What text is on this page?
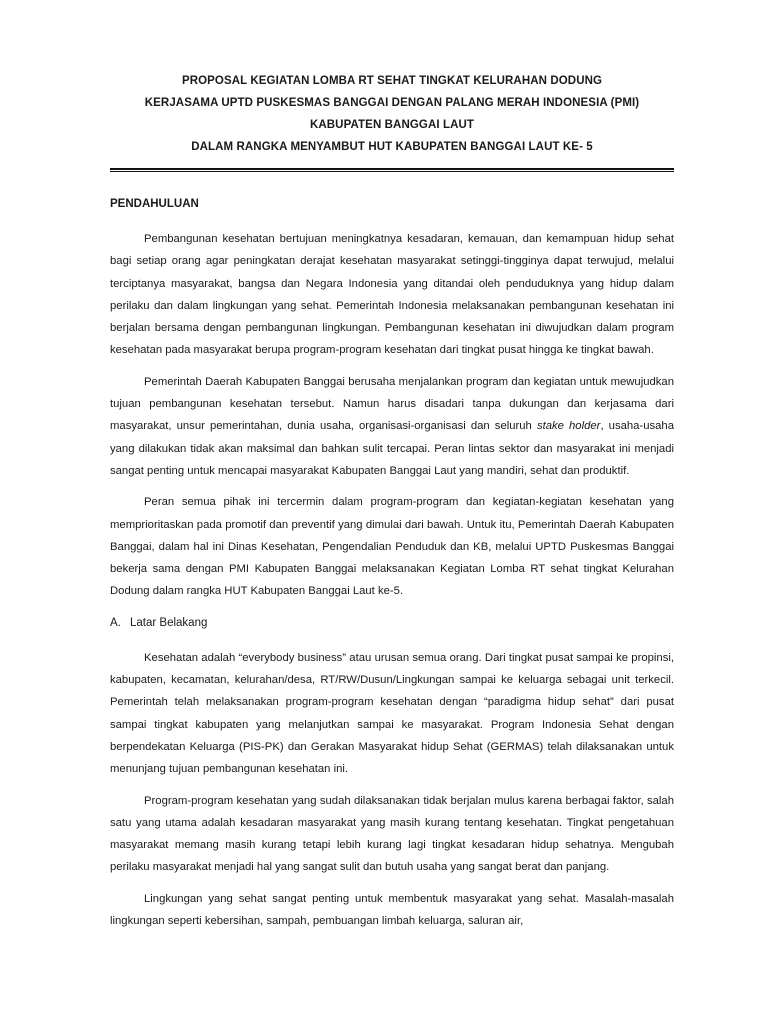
PROPOSAL KEGIATAN LOMBA RT SEHAT TINGKAT KELURAHAN DODUNG
KERJASAMA UPTD PUSKESMAS BANGGAI DENGAN PALANG MERAH INDONESIA (PMI)
KABUPATEN BANGGAI LAUT
DALAM RANGKA MENYAMBUT HUT KABUPATEN BANGGAI LAUT KE- 5
PENDAHULUAN

Pembangunan kesehatan bertujuan meningkatnya kesadaran, kemauan, dan kemampuan hidup sehat bagi setiap orang agar peningkatan derajat kesehatan masyarakat setinggi-tingginya dapat terwujud, melalui terciptanya masyarakat, bangsa dan Negara Indonesia yang ditandai oleh penduduknya yang hidup dalam perilaku dan dalam lingkungan yang sehat. Pemerintah Indonesia melaksanakan pembangunan kesehatan ini berjalan bersama dengan pembangunan lingkungan. Pembangunan kesehatan ini diwujudkan dalam program kesehatan pada masyarakat berupa program-program kesehatan dari tingkat pusat hingga ke tingkat bawah.

Pemerintah Daerah Kabupaten Banggai berusaha menjalankan program dan kegiatan untuk mewujudkan tujuan pembangunan kesehatan tersebut. Namun harus disadari tanpa dukungan dan kerjasama dari masyarakat, unsur pemerintahan, dunia usaha, organisasi-organisasi dan seluruh stake holder, usaha-usaha yang dilakukan tidak akan maksimal dan bahkan sulit tercapai. Peran lintas sektor dan masyarakat ini menjadi sangat penting untuk mencapai masyarakat Kabupaten Banggai Laut yang mandiri, sehat dan produktif.

Peran semua pihak ini tercermin dalam program-program dan kegiatan-kegiatan kesehatan yang memprioritaskan pada promotif dan preventif yang dimulai dari bawah. Untuk itu, Pemerintah Daerah Kabupaten Banggai, dalam hal ini Dinas Kesehatan, Pengendalian Penduduk dan KB, melalui UPTD Puskesmas Banggai bekerja sama dengan PMI Kabupaten Banggai melaksanakan Kegiatan Lomba RT sehat tingkat Kelurahan Dodung dalam rangka HUT Kabupaten Banggai Laut ke-5.

A. Latar Belakang

Kesehatan adalah “everybody business” atau urusan semua orang. Dari tingkat pusat sampai ke propinsi, kabupaten, kecamatan, kelurahan/desa, RT/RW/Dusun/Lingkungan sampai ke keluarga sebagai unit terkecil. Pemerintah telah melaksanakan program-program kesehatan dengan “paradigma hidup sehat” dari pusat sampai tingkat kabupaten yang melanjutkan sampai ke masyarakat. Program Indonesia Sehat dengan berpendekatan Keluarga (PIS-PK) dan Gerakan Masyarakat hidup Sehat (GERMAS) telah dilaksanakan untuk menunjang tujuan pembangunan kesehatan ini.

Program-program kesehatan yang sudah dilaksanakan tidak berjalan mulus karena berbagai faktor, salah satu yang utama adalah kesadaran masyarakat yang masih kurang tentang kesehatan. Tingkat pengetahuan masyarakat memang masih kurang tetapi lebih kurang lagi tingkat kesadaran hidup sehatnya. Mengubah perilaku masyarakat menjadi hal yang sangat sulit dan butuh usaha yang sangat berat dan panjang.

Lingkungan yang sehat sangat penting untuk membentuk masyarakat yang sehat. Masalah-masalah lingkungan seperti kebersihan, sampah, pembuangan limbah keluarga, saluran air,
